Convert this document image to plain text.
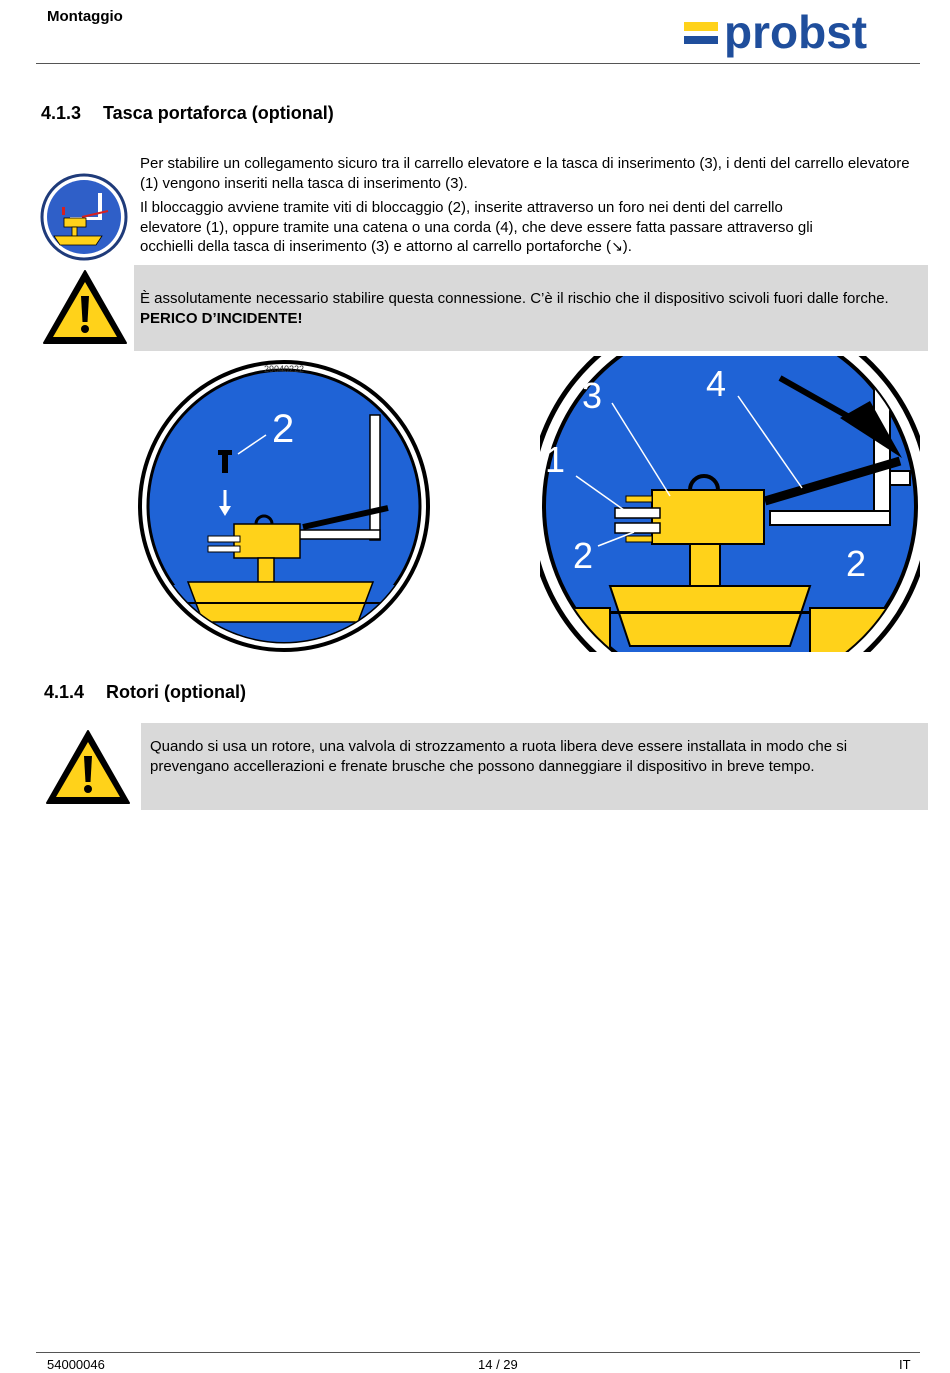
Montaggio	probst
4.1.3 Tasca portaforca (optional)
Per stabilire un collegamento sicuro tra il carrello elevatore e la tasca di inserimento (3), i denti del carrello elevatore (1) vengono inseriti nella tasca di inserimento (3).
Il bloccaggio avviene tramite viti di bloccaggio (2), inserite attraverso un foro nei denti del carrello
elevatore (1), oppure tramite una catena o una corda (4), che deve essere fatta passare attraverso gli
occhielli della tasca di inserimento (3) e attorno al carrello portaforche (↘).
È assolutamente necessario stabilire questa connessione. C’è il rischio che il dispositivo scivoli fuori dalle forche. PERICO D’INCIDENTE!
29040222
2
3	4
1
2	2
4.1.4 Rotori (optional)
Quando si usa un rotore, una valvola di strozzamento a ruota libera deve essere installata in modo che si prevengano accellerazioni e frenate brusche che possono danneggiare il dispositivo in breve tempo.
54000046	14 / 29	IT
